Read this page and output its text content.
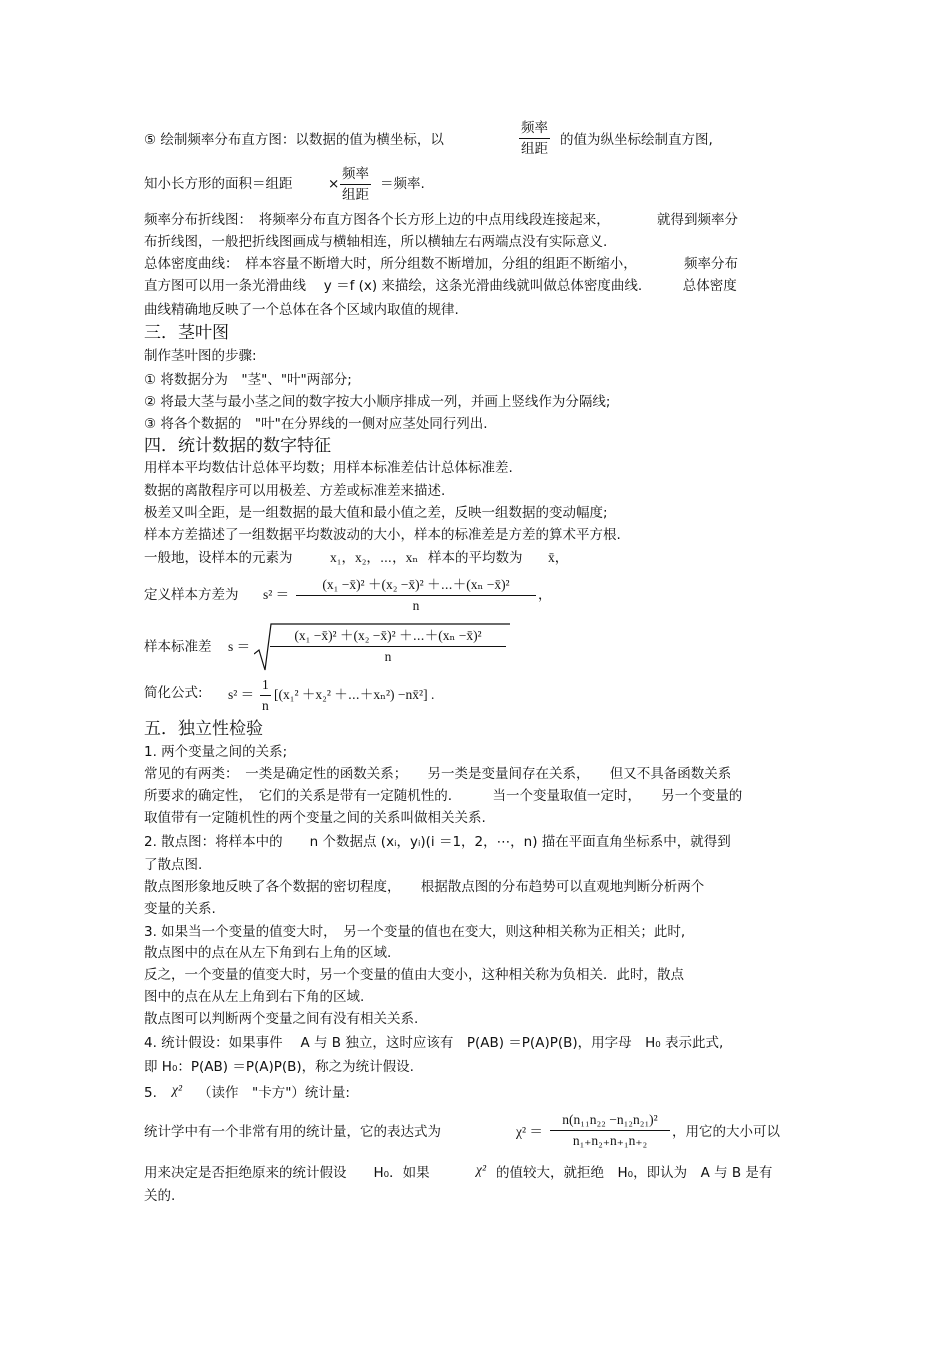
⑤ 绘制频率分布直方图：以数据的值为横坐标，以	$\frac{\text{频率}}{\text{组距}}$ 的值为纵坐标绘制直方图,
知小长方形的面积＝组距	× $\frac{\text{频率}}{\text{组距}}$ ＝频率.
频率分布折线图：　将频率分布直方图各个长方形上边的中点用线段连接起来，　　　　就得到频率分
布折线图，一般把折线图画成与横轴相连，所以横轴左右两端点没有实际意义.
总体密度曲线：　样本容量不断增大时，所分组数不断增加，分组的组距不断缩小，　　　　频率分布
直方图可以用一条光滑曲线　 y ＝f (x) 来描绘，这条光滑曲线就叫做总体密度曲线.　　　总体密度
曲线精确地反映了一个总体在各个区域内取值的规律.
三．茎叶图
制作茎叶图的步骤:
① 将数据分为　"茎"、"叶"两部分;
② 将最大茎与最小茎之间的数字按大小顺序排成一列，并画上竖线作为分隔线;
③ 将各个数据的　"叶"在分界线的一侧对应茎处同行列出.
四．统计数据的数字特征
用样本平均数估计总体平均数；用样本标准差估计总体标准差.
数据的离散程序可以用极差、方差或标准差来描述.
极差又叫全距，是一组数据的最大值和最小值之差，反映一组数据的变动幅度;
样本方差描述了一组数据平均数波动的大小，样本的标准差是方差的算术平方根.
一般地，设样本的元素为	x₁，x₂，⋯，xₙ 样本的平均数为 x̄，
定义样本方差为 $s^2 = \frac{\text{(x₁ −x̄)² ＋(x₂ −x̄)² ＋⋯＋(xₙ −x̄)²}}{n}$ ，
样本标准差 $s = \frac{\text{(x₁ −x̄)² ＋(x₂ −x̄)² ＋⋯＋(xₙ −x̄)²}}{n}$
简化公式: $s^2 = \frac{1}{n} [(x_1^2 +x_2^2$ ＋⋯＋xₙ²) −nx̄²] .
五．独立性检验
1. 两个变量之间的关系;
常见的有两类：　一类是确定性的函数关系；　　另一类是变量间存在关系，　　但又不具备函数关系
所要求的确定性，　它们的关系是带有一定随机性的.　　　当一个变量取值一定时，　　另一个变量的
取值带有一定随机性的两个变量之间的关系叫做相关关系.
2. 散点图：将样本中的　　n 个数据点 (xᵢ，yᵢ)(i ＝1，2，⋯，n) 描在平面直角坐标系中，就得到
了散点图.
散点图形象地反映了各个数据的密切程度，　　根据散点图的分布趋势可以直观地判断分析两个
变量的关系.
3. 如果当一个变量的值变大时，　另一个变量的值也在变大，则这种相关称为正相关；此时,
散点图中的点在从左下角到右上角的区域.
反之，一个变量的值变大时，另一个变量的值由大变小，这种相关称为负相关．此时，散点
图中的点在从左上角到右下角的区域.
散点图可以判断两个变量之间有没有相关关系.
4. 统计假设：如果事件　 A 与 B 独立，这时应该有　P(AB) ＝P(A)P(B)，用字母　H₀ 表示此式,
即 H₀：P(AB) ＝P(A)P(B)，称之为统计假设.
5. χ² （读作　"卡方"）统计量:
统计学中有一个非常有用的统计量，它的表达式为	$\chi^2 = \frac{\text{n(n₁₁n₂₂ −n₁₂n₂₁)²}}{\text{n₁₊n₂₊n₊₁n₊₂}}$ ，用它的大小可以
用来决定是否拒绝原来的统计假设　　H₀．如果	χ² 的值较大，就拒绝　H₀，即认为　A 与 B 是有
关的.
